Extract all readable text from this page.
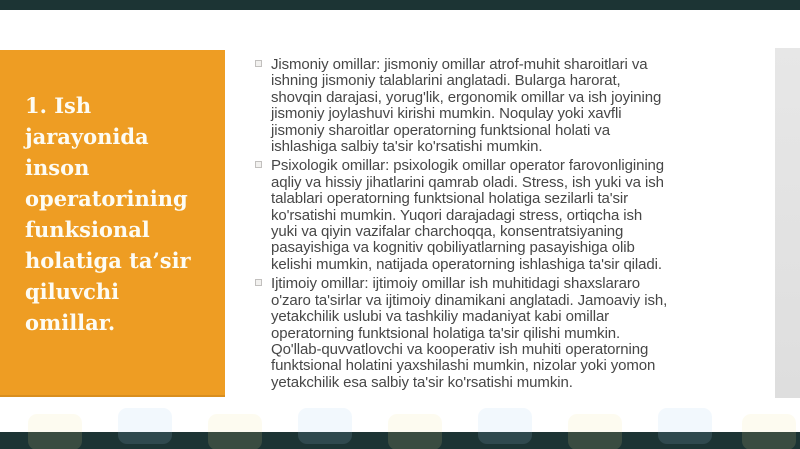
1. Ish
jarayonida
inson
operatorining
funksional
holatiga ta’sir
qiluvchi
omillar.
Jismoniy omillar: jismoniy omillar atrof-muhit sharoitlari va
ishning jismoniy talablarini anglatadi. Bularga harorat,
shovqin darajasi, yorug'lik, ergonomik omillar va ish joyining
jismoniy joylashuvi kirishi mumkin. Noqulay yoki xavfli
jismoniy sharoitlar operatorning funktsional holati va
ishlashiga salbiy ta'sir ko'rsatishi mumkin.
Psixologik omillar: psixologik omillar operator farovonligining
aqliy va hissiy jihatlarini qamrab oladi. Stress, ish yuki va ish
talablari operatorning funktsional holatiga sezilarli ta'sir
ko'rsatishi mumkin. Yuqori darajadagi stress, ortiqcha ish
yuki va qiyin vazifalar charchoqqa, konsentratsiyaning
pasayishiga va kognitiv qobiliyatlarning pasayishiga olib
kelishi mumkin, natijada operatorning ishlashiga ta'sir qiladi.
Ijtimoiy omillar: ijtimoiy omillar ish muhitidagi shaxslararo
o'zaro ta'sirlar va ijtimoiy dinamikani anglatadi. Jamoaviy ish,
yetakchilik uslubi va tashkiliy madaniyat kabi omillar
operatorning funktsional holatiga ta'sir qilishi mumkin.
Qo'llab-quvvatlovchi va kooperativ ish muhiti operatorning
funktsional holatini yaxshilashi mumkin, nizolar yoki yomon
yetakchilik esa salbiy ta'sir ko'rsatishi mumkin.
